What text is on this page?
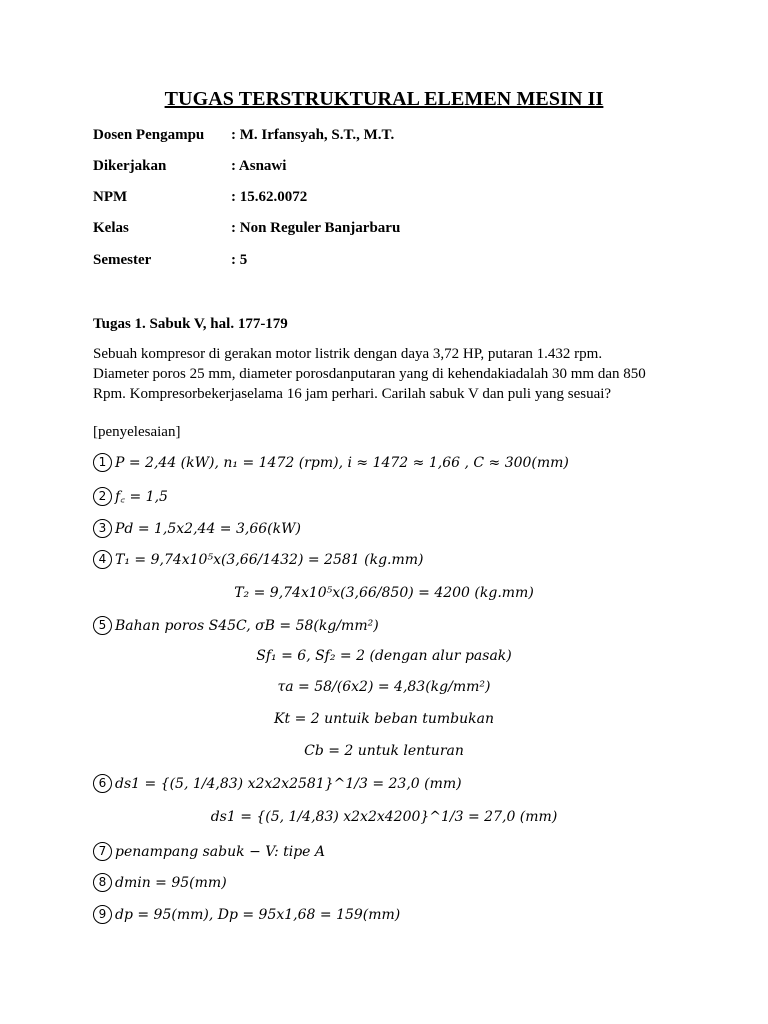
TUGAS TERSTRUKTURAL ELEMEN MESIN II
Dosen Pengampu : M. Irfansyah, S.T., M.T.
Dikerjakan	: Asnawi
NPM	: 15.62.0072
Kelas	: Non Reguler Banjarbaru
Semester	: 5
Tugas 1. Sabuk V, hal. 177-179
Sebuah kompresor di gerakan motor listrik dengan daya 3,72 HP, putaran 1.432 rpm.
Diameter poros 25 mm, diameter porosdanputaran yang di kehendakiadalah 30 mm dan 850
Rpm. Kompresorbekerjaselama 16 jam perhari. Carilah sabuk V dan puli yang sesuai?
[penyelesaian]
1 P = 2,44 (kW), n₁ = 1472 (rpm), i ≈ 1472 ≈ 1,66 , C ≈ 300(mm)
2 f꜀ = 1,5
3 Pd = 1,5x2,44 = 3,66(kW)
4 T₁ = 9,74x10⁵x(3,66/1432) = 2581 (kg.mm)
T₂ = 9,74x10⁵x(3,66/850) = 4200 (kg.mm)
5 Bahan poros S45C, σB = 58(kg/mm²)
Sf₁ = 6, Sf₂ = 2 (dengan alur pasak)
τa = 58/(6x2) = 4,83(kg/mm²)
Kt = 2 untuik beban tumbukan
Cb = 2 untuk lenturan
6 ds1 = {(5, 1/4,83) x2x2x2581}^1/3 = 23,0 (mm)
ds1 = {(5, 1/4,83) x2x2x4200}^1/3 = 27,0 (mm)
7 penampang sabuk − V: tipe A
8 dmin = 95(mm)
9 dp = 95(mm), Dp = 95x1,68 = 159(mm)
